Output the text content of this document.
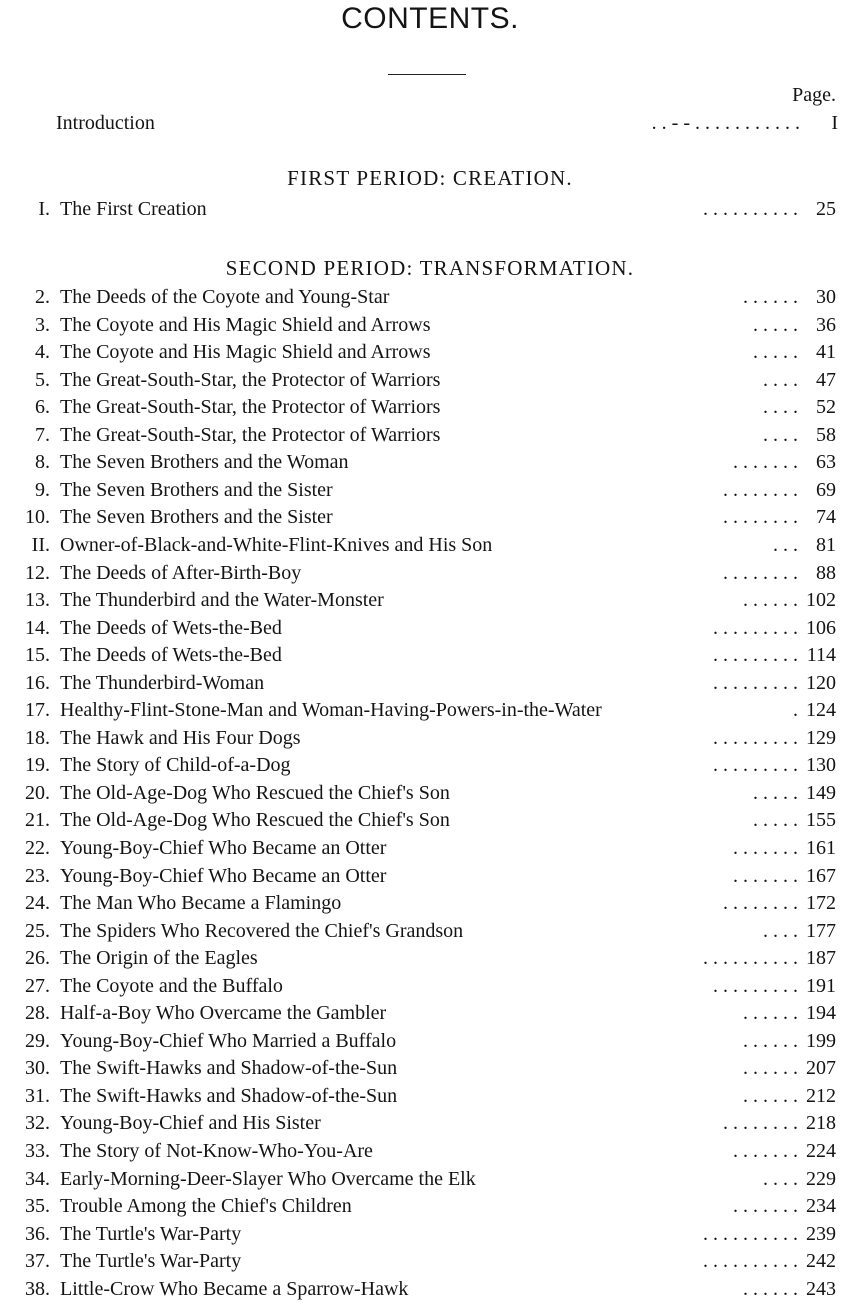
CONTENTS.
Page.
Introduction	. . - - . . . . . . . . . . . I
FIRST PERIOD: CREATION.
SECOND PERIOD: TRANSFORMATION.
I. The First Creation	. . . . . . . . . . 25
2. The Deeds of the Coyote and Young-Star	. . . . . . 30
3. The Coyote and His Magic Shield and Arrows	. . . . . 36
4. The Coyote and His Magic Shield and Arrows	. . . . . 41
5. The Great-South-Star, the Protector of Warriors	. . . . 47
6. The Great-South-Star, the Protector of Warriors	. . . . 52
7. The Great-South-Star, the Protector of Warriors	. . . . 58
8. The Seven Brothers and the Woman	. . . . . . . 63
9. The Seven Brothers and the Sister	. . . . . . . . 69
10. The Seven Brothers and the Sister	. . . . . . . . 74
II. Owner-of-Black-and-White-Flint-Knives and His Son	. . . 81
12. The Deeds of After-Birth-Boy	. . . . . . . . 88
13. The Thunderbird and the Water-Monster	. . . . . . 102
14. The Deeds of Wets-the-Bed	. . . . . . . . . 106
15. The Deeds of Wets-the-Bed	. . . . . . . . . 114
16. The Thunderbird-Woman	. . . . . . . . . 120
17. Healthy-Flint-Stone-Man and Woman-Having-Powers-in-the-Water	. 124
18. The Hawk and His Four Dogs	. . . . . . . . . 129
19. The Story of Child-of-a-Dog	. . . . . . . . . 130
20. The Old-Age-Dog Who Rescued the Chief's Son	. . . . . 149
21. The Old-Age-Dog Who Rescued the Chief's Son	. . . . . 155
22. Young-Boy-Chief Who Became an Otter	. . . . . . . 161
23. Young-Boy-Chief Who Became an Otter	. . . . . . . 167
24. The Man Who Became a Flamingo	. . . . . . . . 172
25. The Spiders Who Recovered the Chief's Grandson	. . . . 177
26. The Origin of the Eagles	. . . . . . . . . . 187
27. The Coyote and the Buffalo	. . . . . . . . . 191
28. Half-a-Boy Who Overcame the Gambler	. . . . . . 194
29. Young-Boy-Chief Who Married a Buffalo	. . . . . . 199
30. The Swift-Hawks and Shadow-of-the-Sun	. . . . . . 207
31. The Swift-Hawks and Shadow-of-the-Sun	. . . . . . 212
32. Young-Boy-Chief and His Sister	. . . . . . . . 218
33. The Story of Not-Know-Who-You-Are	. . . . . . . 224
34. Early-Morning-Deer-Slayer Who Overcame the Elk	. . . . 229
35. Trouble Among the Chief's Children	. . . . . . . 234
36. The Turtle's War-Party	. . . . . . . . . . 239
37. The Turtle's War-Party	. . . . . . . . . . 242
38. Little-Crow Who Became a Sparrow-Hawk	. . . . . . 243
